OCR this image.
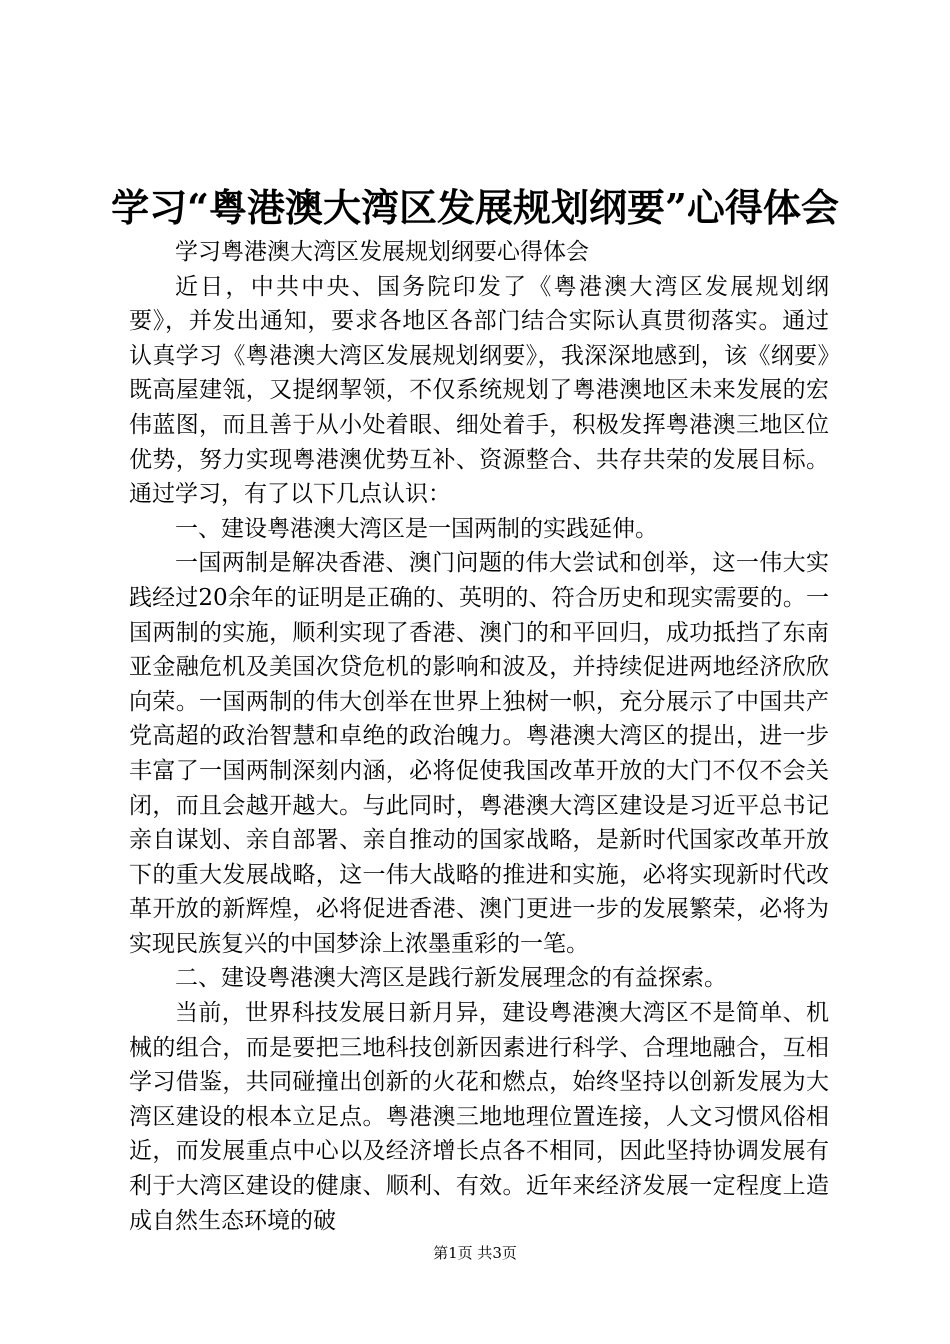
学习“粤港澳大湾区发展规划纲要”心得体会

学习粤港澳大湾区发展规划纲要心得体会

近日，中共中央、国务院印发了《粤港澳大湾区发展规划纲要》，并发出通知，要求各地区各部门结合实际认真贯彻落实。通过认真学习《粤港澳大湾区发展规划纲要》，我深深地感到，该《纲要》既高屋建瓴，又提纲挈领，不仅系统规划了粤港澳地区未来发展的宏伟蓝图，而且善于从小处着眼、细处着手，积极发挥粤港澳三地区位优势，努力实现粤港澳优势互补、资源整合、共存共荣的发展目标。通过学习，有了以下几点认识：

一、建设粤港澳大湾区是一国两制的实践延伸。

一国两制是解决香港、澳门问题的伟大尝试和创举，这一伟大实践经过20余年的证明是正确的、英明的、符合历史和现实需要的。一国两制的实施，顺利实现了香港、澳门的和平回归，成功抵挡了东南亚金融危机及美国次贷危机的影响和波及，并持续促进两地经济欣欣向荣。一国两制的伟大创举在世界上独树一帜，充分展示了中国共产党高超的政治智慧和卓绝的政治魄力。粤港澳大湾区的提出，进一步丰富了一国两制深刻内涵，必将促使我国改革开放的大门不仅不会关闭，而且会越开越大。与此同时，粤港澳大湾区建设是习近平总书记亲自谋划、亲自部署、亲自推动的国家战略，是新时代国家改革开放下的重大发展战略，这一伟大战略的推进和实施，必将实现新时代改革开放的新辉煌，必将促进香港、澳门更进一步的发展繁荣，必将为实现民族复兴的中国梦涂上浓墨重彩的一笔。

二、建设粤港澳大湾区是践行新发展理念的有益探索。

当前，世界科技发展日新月异，建设粤港澳大湾区不是简单、机械的组合，而是要把三地科技创新因素进行科学、合理地融合，互相学习借鉴，共同碰撞出创新的火花和燃点，始终坚持以创新发展为大湾区建设的根本立足点。粤港澳三地地理位置连接，人文习惯风俗相近，而发展重点中心以及经济增长点各不相同，因此坚持协调发展有利于大湾区建设的健康、顺利、有效。近年来经济发展一定程度上造成自然生态环境的破

第1页 共3页
